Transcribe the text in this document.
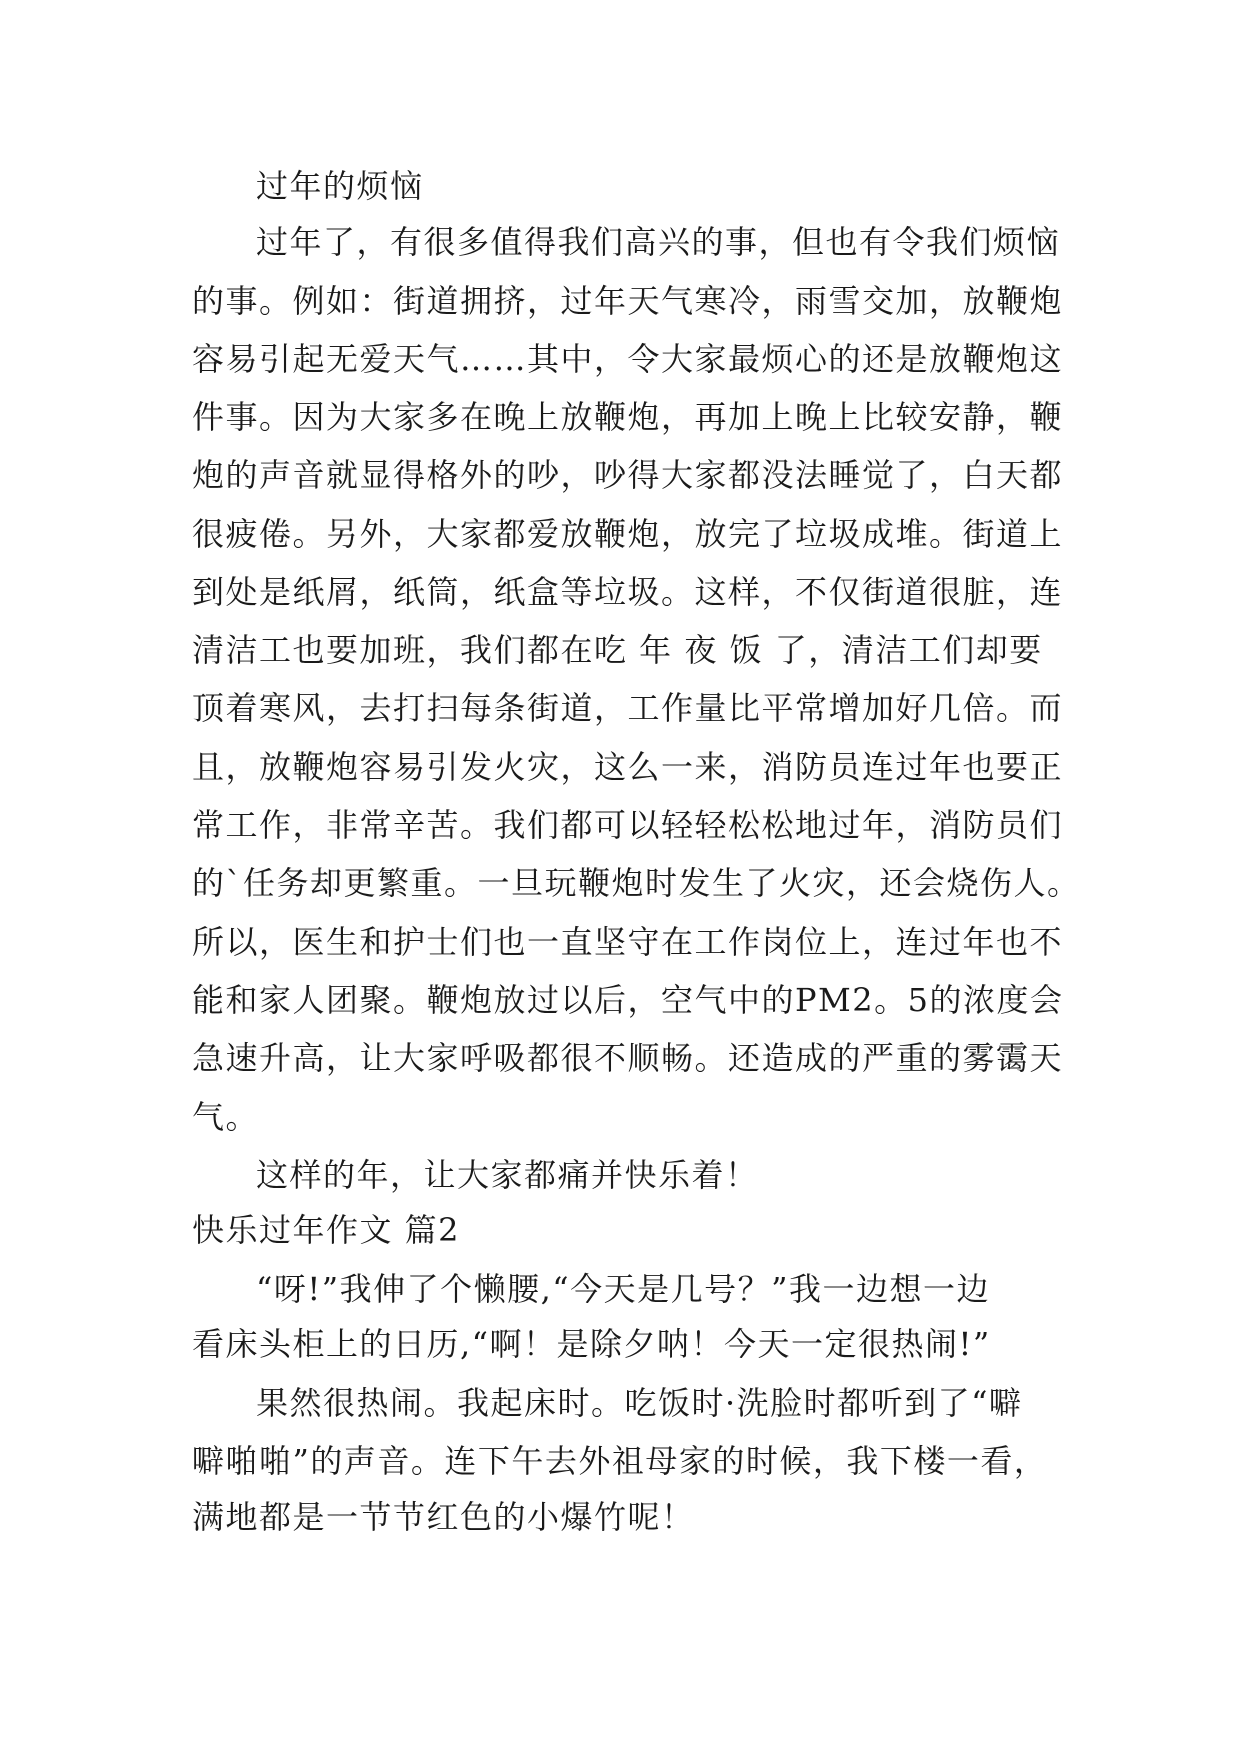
过年的烦恼
过年了，有很多值得我们高兴的事，但也有令我们烦恼
的事。例如：街道拥挤，过年天气寒冷，雨雪交加，放鞭炮
容易引起无爱天气……其中，令大家最烦心的还是放鞭炮这
件事。因为大家多在晚上放鞭炮，再加上晚上比较安静，鞭
炮的声音就显得格外的吵，吵得大家都没法睡觉了，白天都
很疲倦。另外，大家都爱放鞭炮，放完了垃圾成堆。街道上
到处是纸屑，纸筒，纸盒等垃圾。这样，不仅街道很脏，连
清洁工也要加班，我们都在吃 年 夜 饭 了，清洁工们却要
顶着寒风，去打扫每条街道，工作量比平常增加好几倍。而
且，放鞭炮容易引发火灾，这么一来，消防员连过年也要正
常工作，非常辛苦。我们都可以轻轻松松地过年，消防员们
的`任务却更繁重。一旦玩鞭炮时发生了火灾，还会烧伤人。
所以，医生和护士们也一直坚守在工作岗位上，连过年也不
能和家人团聚。鞭炮放过以后，空气中的PM2。5的浓度会
急速升高，让大家呼吸都很不顺畅。还造成的严重的雾霭天
气。
这样的年，让大家都痛并快乐着！
快乐过年作文 篇2
“呀!”我伸了个懒腰,“今天是几号？”我一边想一边
看床头柜上的日历,“啊！是除夕呐！今天一定很热闹!”
果然很热闹。我起床时。吃饭时·洗脸时都听到了“噼
噼啪啪”的声音。连下午去外祖母家的时候，我下楼一看，
满地都是一节节红色的小爆竹呢！
